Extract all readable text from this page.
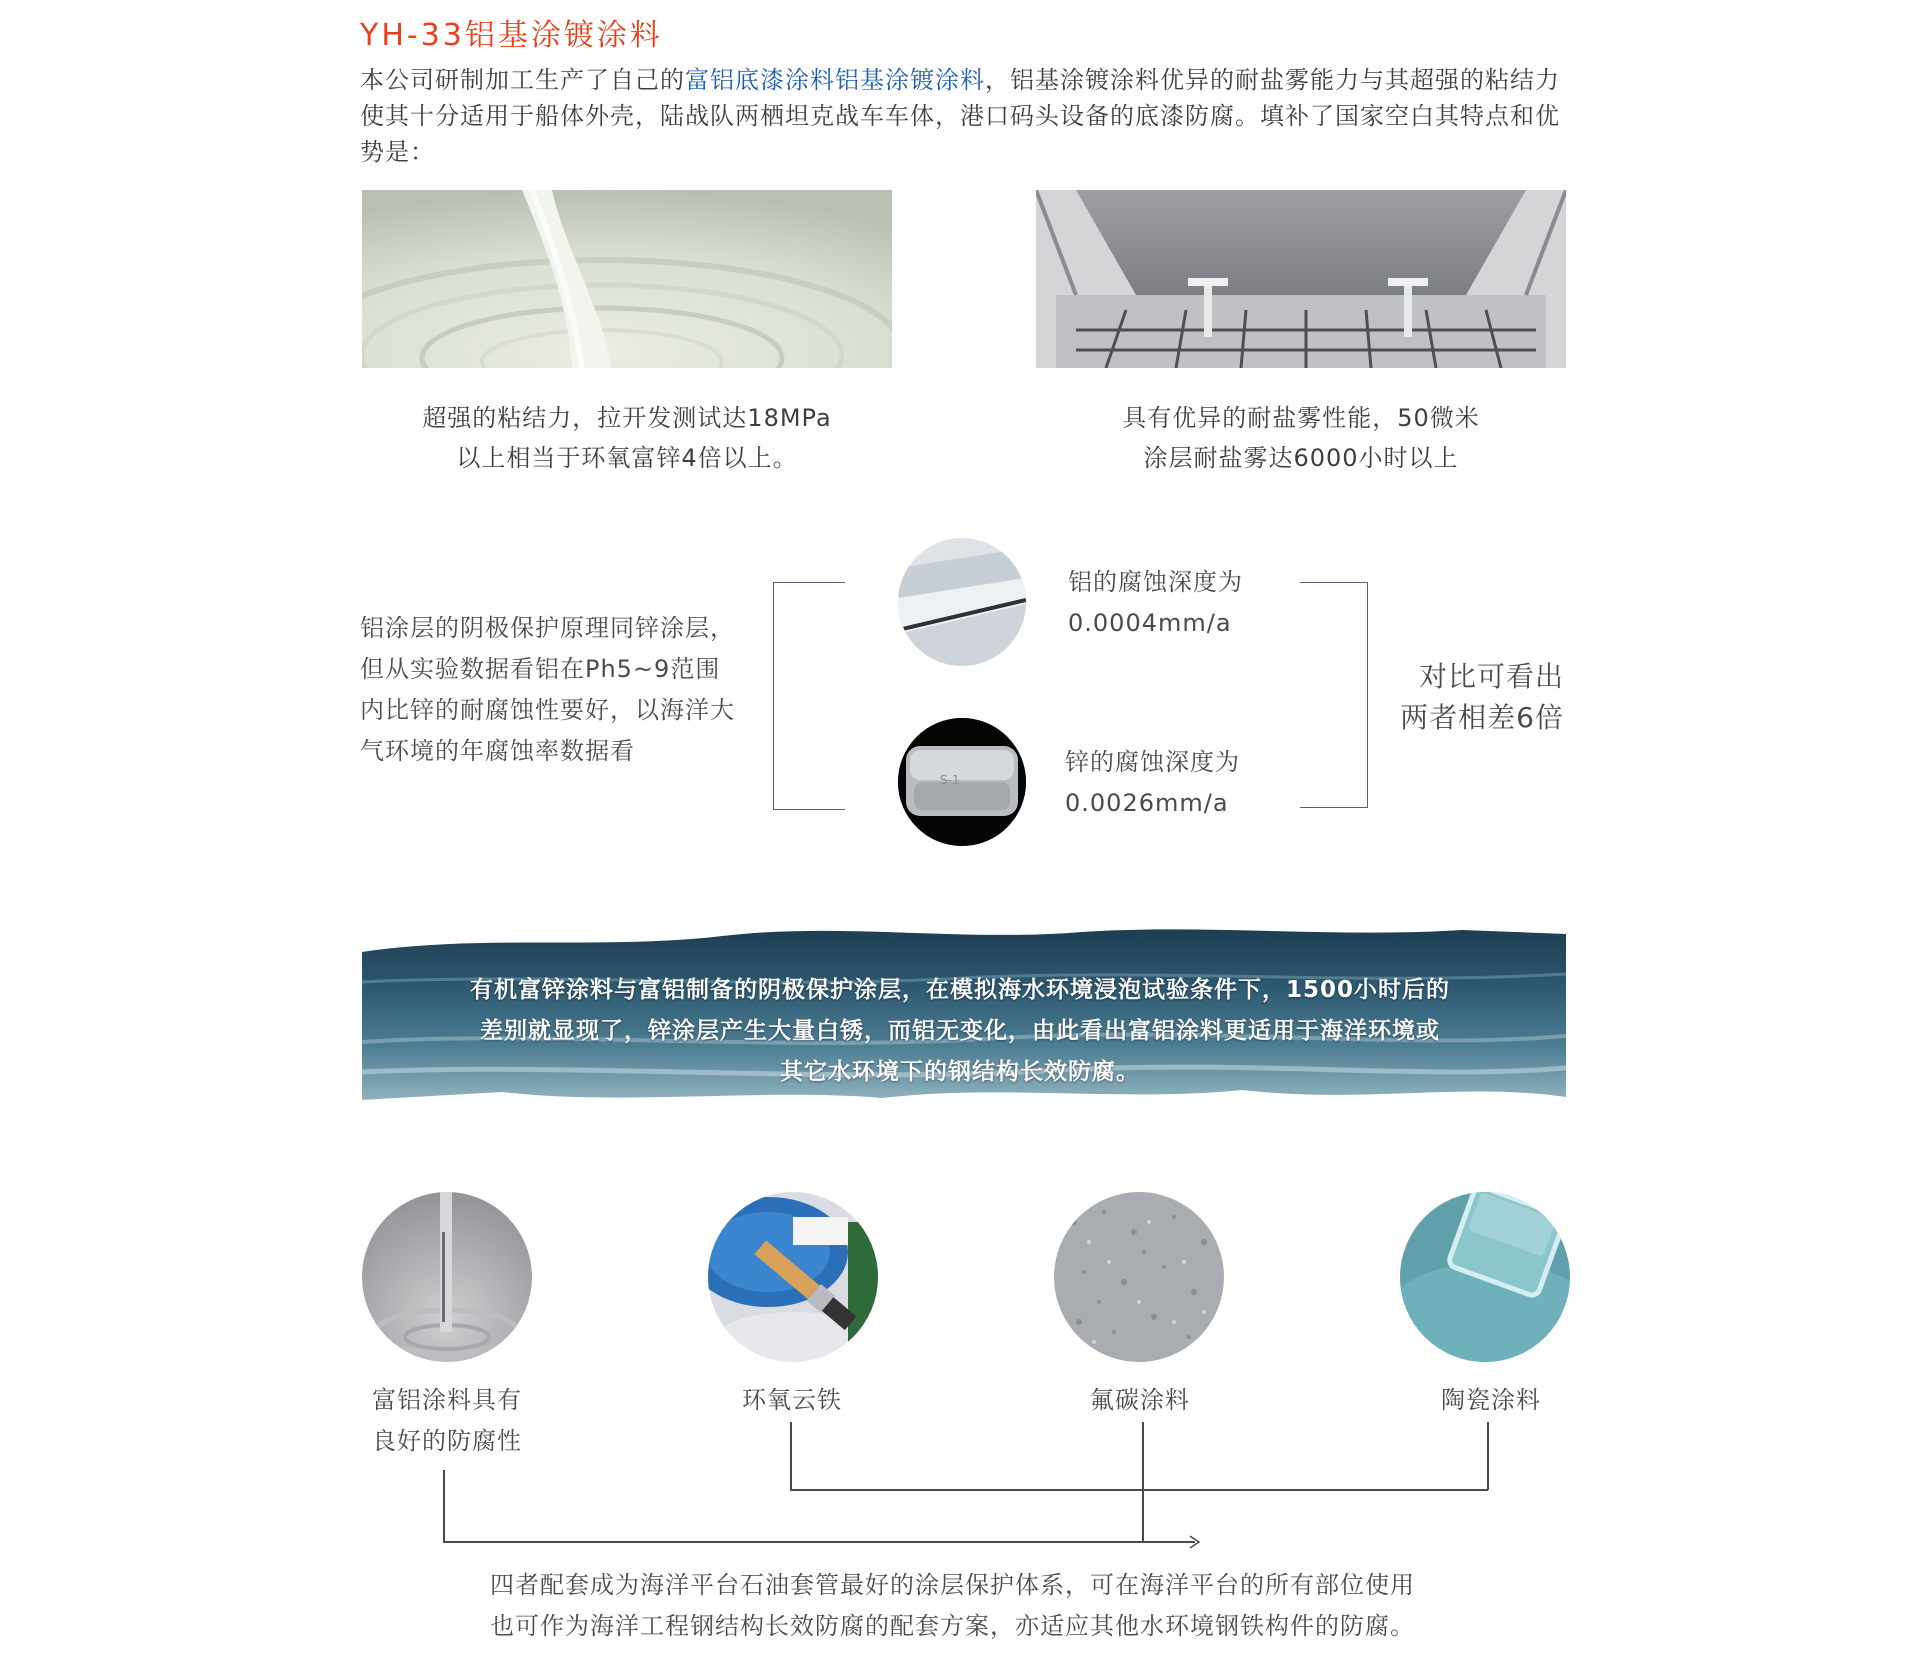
YH-33铝基涂镀涂料

本公司研制加工生产了自己的富铝底漆涂料铝基涂镀涂料，铝基涂镀涂料优异的耐盐雾能力与其超强的粘结力使其十分适用于船体外壳，陆战队两栖坦克战车车体，港口码头设备的底漆防腐。填补了国家空白其特点和优势是：

超强的粘结力，拉开发测试达18MPa
以上相当于环氧富锌4倍以上。
具有优异的耐盐雾性能，50微米
涂层耐盐雾达6000小时以上

铝涂层的阴极保护原理同锌涂层，但从实验数据看铝在Ph5~9范围内比锌的耐腐蚀性要好，以海洋大气环境的年腐蚀率数据看

铝的腐蚀深度为
0.0004mm/a
S-1
锌的腐蚀深度为
0.0026mm/a
对比可看出
两者相差6倍
有机富锌涂料与富铝制备的阴极保护涂层，在模拟海水环境浸泡试验条件下，1500小时后的
差别就显现了，锌涂层产生大量白锈，而铝无变化，由此看出富铝涂料更适用于海洋环境或
其它水环境下的钢结构长效防腐。
富铝涂料具有
良好的防腐性
环氧云铁	氟碳涂料	陶瓷涂料
四者配套成为海洋平台石油套管最好的涂层保护体系，可在海洋平台的所有部位使用
也可作为海洋工程钢结构长效防腐的配套方案，亦适应其他水环境钢铁构件的防腐。
